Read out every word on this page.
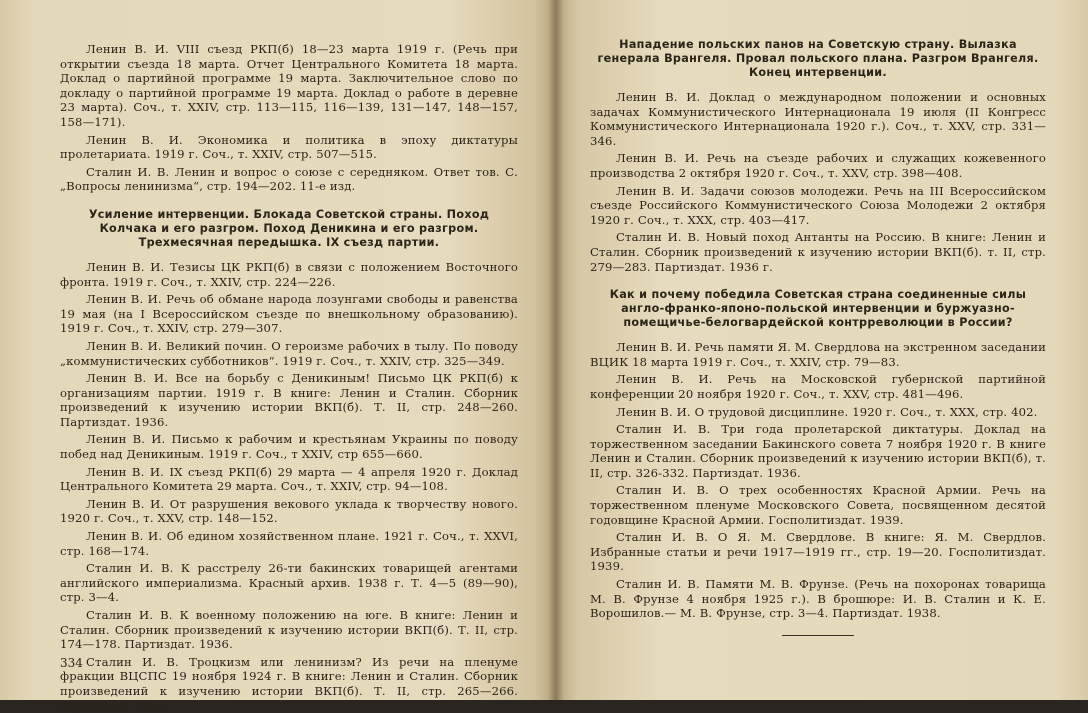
Ленин В. И. VIII съезд РКП(б) 18—23 марта 1919 г. (Речь при открытии съезда 18 марта. Отчет Центрального Комитета 18 марта. Доклад о партийной программе 19 марта. Заключительное слово по докладу о партийной программе 19 марта. Доклад о работе в деревне 23 марта). Соч., т. XXIV, стр. 113—115, 116—139, 131—147, 148—157, 158—171).

Ленин В. И. Экономика и политика в эпоху диктатуры пролетариата. 1919 г. Соч., т. XXIV, стр. 507—515.

Сталин И. В. Ленин и вопрос о союзе с середняком. Ответ тов. С. „Вопросы ленинизма“, стр. 194—202. 11-е изд.

Усиление интервенции. Блокада Советской страны. Поход Колчака и его разгром. Поход Деникина и его разгром. Трехмесячная передышка. IX съезд партии.

Ленин В. И. Тезисы ЦК РКП(б) в связи с положением Восточного фронта. 1919 г. Соч., т. XXIV, стр. 224—226.

Ленин В. И. Речь об обмане народа лозунгами свободы и равенства 19 мая (на I Всероссийском съезде по внешкольному образованию). 1919 г. Соч., т. XXIV, стр. 279—307.

Ленин В. И. Великий почин. О героизме рабочих в тылу. По поводу „коммунистических субботников“. 1919 г. Соч., т. XXIV, стр. 325—349.

Ленин В. И. Все на борьбу с Деникиным! Письмо ЦК РКП(б) к организациям партии. 1919 г. В книге: Ленин и Сталин. Сборник произведений к изучению истории ВКП(б). Т. II, стр. 248—260. Партиздат. 1936.

Ленин В. И. Письмо к рабочим и крестьянам Украины по поводу побед над Деникиным. 1919 г. Соч., т XXIV, стр 655—660.

Ленин В. И. IX съезд РКП(б) 29 марта — 4 апреля 1920 г. Доклад Центрального Комитета 29 марта. Соч., т. XXIV, стр. 94—108.

Ленин В. И. От разрушения векового уклада к творчеству нового. 1920 г. Соч., т. XXV, стр. 148—152.

Ленин В. И. Об едином хозяйственном плане. 1921 г. Соч., т. XXVI, стр. 168—174.

Сталин И. В. К расстрелу 26-ти бакинских товарищей агентами английского империализма. Красный архив. 1938 г. Т. 4—5 (89—90), стр. 3—4.

Сталин И. В. К военному положению на юге. В книге: Ленин и Сталин. Сборник произведений к изучению истории ВКП(б). Т. II, стр. 174—178. Партиздат. 1936.

Сталин И. В. Троцкизм или ленинизм? Из речи на пленуме фракции ВЦСПС 19 ноября 1924 г. В книге: Ленин и Сталин. Сборник произведений к изучению истории ВКП(б). Т. II, стр. 265—266. Партиздат. 1936.

334
Нападение польских панов на Советскую страну. Вылазка генерала Врангеля. Провал польского плана. Разгром Врангеля. Конец интервенции.

Ленин В. И. Доклад о международном положении и основных задачах Коммунистического Интернационала 19 июля (II Конгресс Коммунистического Интернационала 1920 г.). Соч., т. XXV, стр. 331—346.

Ленин В. И. Речь на съезде рабочих и служащих кожевенного производства 2 октября 1920 г. Соч., т. XXV, стр. 398—408.

Ленин В. И. Задачи союзов молодежи. Речь на III Всероссийском съезде Российского Коммунистического Союза Молодежи 2 октября 1920 г. Соч., т. XXX, стр. 403—417.

Сталин И. В. Новый поход Антанты на Россию. В книге: Ленин и Сталин. Сборник произведений к изучению истории ВКП(б). т. II, стр. 279—283. Партиздат. 1936 г.

Как и почему победила Советская страна соединенные силы англо-франко-японо-польской интервенции и буржуазно-помещичье-белогвардейской контрреволюции в России?

Ленин В. И. Речь памяти Я. М. Свердлова на экстренном заседании ВЦИК 18 марта 1919 г. Соч., т. XXIV, стр. 79—83.

Ленин В. И. Речь на Московской губернской партийной конференции 20 ноября 1920 г. Соч., т. XXV, стр. 481—496.

Ленин В. И. О трудовой дисциплине. 1920 г. Соч., т. XXX, стр. 402.

Сталин И. В. Три года пролетарской диктатуры. Доклад на торжественном заседании Бакинского совета 7 ноября 1920 г. В книге Ленин и Сталин. Сборник произведений к изучению истории ВКП(б), т. II, стр. 326-332. Партиздат. 1936.

Сталин И. В. О трех особенностях Красной Армии. Речь на торжественном пленуме Московского Совета, посвященном десятой годовщине Красной Армии. Госполитиздат. 1939.

Сталин И. В. О Я. М. Свердлове. В книге: Я. М. Свердлов. Избранные статьи и речи 1917—1919 гг., стр. 19—20. Госполитиздат. 1939.

Сталин И. В. Памяти М. В. Фрунзе. (Речь на похоронах товарища М. В. Фрунзе 4 ноября 1925 г.). В брошюре: И. В. Сталин и К. Е. Ворошилов.— М. В. Фрунзе, стр. 3—4. Партиздат. 1938.
